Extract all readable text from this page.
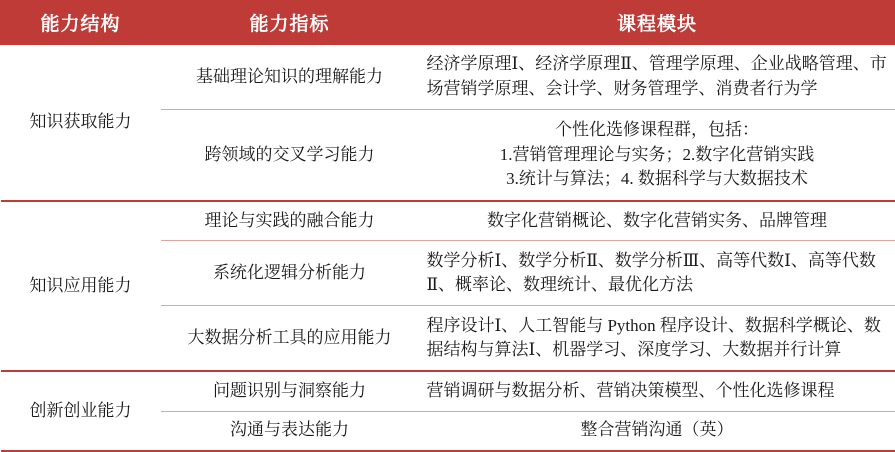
能力结构	能力指标	课程模块
知识获取能力	基础理论知识的理解能力	经济学原理Ⅰ、经济学原理Ⅱ、管理学原理、企业战略管理、市场营销学原理、会计学、财务管理学、消费者行为学
	跨领域的交叉学习能力	个性化选修课程群，包括：
1.营销管理理论与实务；2.数字化营销实践
3.统计与算法；4. 数据科学与大数据技术

知识应用能力	理论与实践的融合能力	数字化营销概论、数字化营销实务、品牌管理
	系统化逻辑分析能力	数学分析Ⅰ、数学分析Ⅱ、数学分析Ⅲ、高等代数Ⅰ、高等代数Ⅱ、概率论、数理统计、最优化方法
	大数据分析工具的应用能力	程序设计Ⅰ、人工智能与 Python 程序设计、数据科学概论、数据结构与算法Ⅰ、机器学习、深度学习、大数据并行计算
创新创业能力	问题识别与洞察能力	营销调研与数据分析、营销决策模型、个性化选修课程
	沟通与表达能力	整合营销沟通（英）
